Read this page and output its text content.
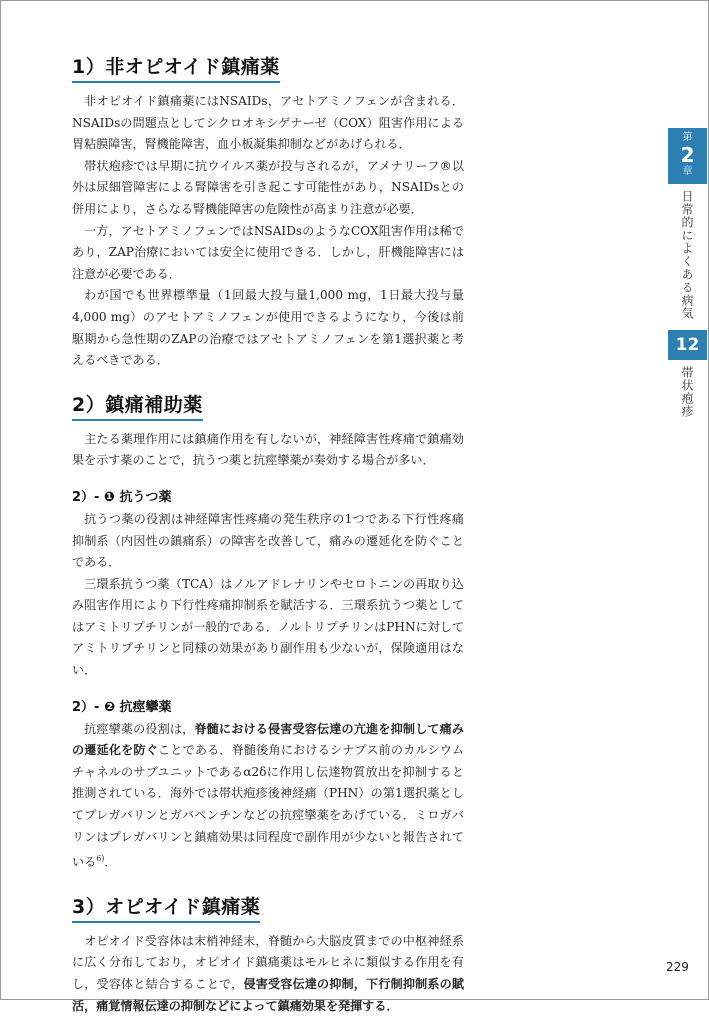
1）非オピオイド鎮痛薬

非オピオイド鎮痛薬にはNSAIDs，アセトアミノフェンが含まれる．NSAIDsの問題点としてシクロオキシゲナーゼ（COX）阻害作用による胃粘膜障害，腎機能障害，血小板凝集抑制などがあげられる．

帯状疱疹では早期に抗ウイルス薬が投与されるが，アメナリーフ®以外は尿細管障害による腎障害を引き起こす可能性があり，NSAIDsとの併用により，さらなる腎機能障害の危険性が高まり注意が必要．

一方，アセトアミノフェンではNSAIDsのようなCOX阻害作用は稀であり，ZAP治療においては安全に使用できる．しかし，肝機能障害には注意が必要である．

わが国でも世界標準量（1回最大投与量1,000 mg，1日最大投与量4,000 mg）のアセトアミノフェンが使用できるようになり，今後は前駆期から急性期のZAPの治療ではアセトアミノフェンを第1選択薬と考えるべきである．

2）鎮痛補助薬

主たる薬理作用には鎮痛作用を有しないが，神経障害性疼痛で鎮痛効果を示す薬のことで，抗うつ薬と抗痙攣薬が奏効する場合が多い．

2）- ❶ 抗うつ薬

抗うつ薬の役割は神経障害性疼痛の発生秩序の1つである下行性疼痛抑制系（内因性の鎮痛系）の障害を改善して，痛みの遷延化を防ぐことである．

三環系抗うつ薬（TCA）はノルアドレナリンやセロトニンの再取り込み阻害作用により下行性疼痛抑制系を賦活する．三環系抗うつ薬としてはアミトリプチリンが一般的である．ノルトリプチリンはPHNに対してアミトリプチリンと同様の効果があり副作用も少ないが，保険適用はない．

2）- ❷ 抗痙攣薬

抗痙攣薬の役割は，脊髄における侵害受容伝達の亢進を抑制して痛みの遷延化を防ぐことである．脊髄後角におけるシナプス前のカルシウムチャネルのサブユニットであるα2δに作用し伝達物質放出を抑制すると推測されている．海外では帯状疱疹後神経痛（PHN）の第1選択薬としてプレガバリンとガバペンチンなどの抗痙攣薬をあげている．ミロガバリンはプレガバリンと鎮痛効果は同程度で副作用が少ないと報告されている$^{6)}$．

3）オピオイド鎮痛薬

オピオイド受容体は末梢神経末，脊髄から大脳皮質までの中枢神経系に広く分布しており，オピオイド鎮痛薬はモルヒネに類似する作用を有し，受容体と結合することで，侵害受容伝達の抑制，下行制抑制系の賦活，痛覚情報伝達の抑制などによって鎮痛効果を発揮する．

第
2
章
日常的によくある病気
12
帯状疱疹
229
